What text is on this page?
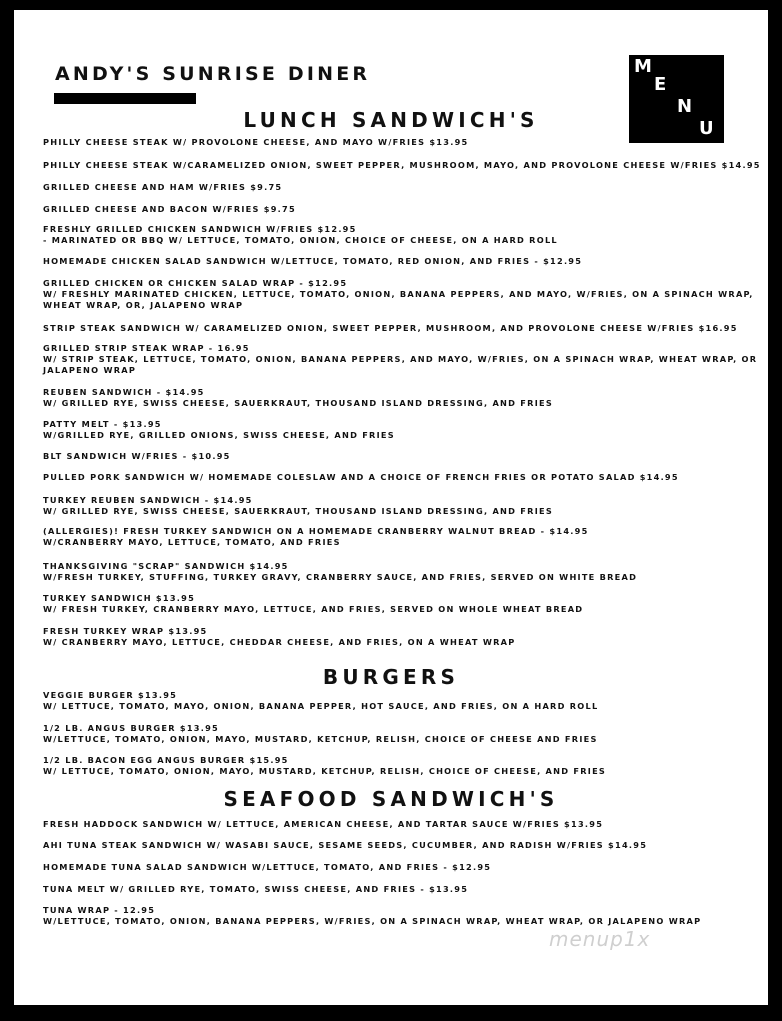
ANDY'S SUNRISE DINER	M
E
N
U
LUNCH SANDWICH'S
BURGERS
SEAFOOD SANDWICH'S
PHILLY CHEESE STEAK W/ PROVOLONE CHEESE, AND MAYO W/FRIES $13.95
PHILLY CHEESE STEAK W/CARAMELIZED ONION, SWEET PEPPER, MUSHROOM, MAYO, AND PROVOLONE CHEESE W/FRIES $14.95
GRILLED CHEESE AND HAM W/FRIES $9.75
GRILLED CHEESE AND BACON W/FRIES $9.75
FRESHLY GRILLED CHICKEN SANDWICH W/FRIES $12.95
- MARINATED OR BBQ W/ LETTUCE, TOMATO, ONION, CHOICE OF CHEESE, ON A HARD ROLL
HOMEMADE CHICKEN SALAD SANDWICH W/LETTUCE, TOMATO, RED ONION, AND FRIES - $12.95
GRILLED CHICKEN OR CHICKEN SALAD WRAP - $12.95
W/ FRESHLY MARINATED CHICKEN, LETTUCE, TOMATO, ONION, BANANA PEPPERS, AND MAYO, W/FRIES, ON A SPINACH WRAP,
WHEAT WRAP, OR, JALAPENO WRAP
STRIP STEAK SANDWICH W/ CARAMELIZED ONION, SWEET PEPPER, MUSHROOM, AND PROVOLONE CHEESE W/FRIES $16.95
GRILLED STRIP STEAK WRAP - 16.95
W/ STRIP STEAK, LETTUCE, TOMATO, ONION, BANANA PEPPERS, AND MAYO, W/FRIES, ON A SPINACH WRAP, WHEAT WRAP, OR
JALAPENO WRAP
REUBEN SANDWICH - $14.95
W/ GRILLED RYE, SWISS CHEESE, SAUERKRAUT, THOUSAND ISLAND DRESSING, AND FRIES
PATTY MELT - $13.95
W/GRILLED RYE, GRILLED ONIONS, SWISS CHEESE, AND FRIES
BLT SANDWICH W/FRIES - $10.95
PULLED PORK SANDWICH W/ HOMEMADE COLESLAW AND A CHOICE OF FRENCH FRIES OR POTATO SALAD $14.95
TURKEY REUBEN SANDWICH - $14.95
W/ GRILLED RYE, SWISS CHEESE, SAUERKRAUT, THOUSAND ISLAND DRESSING, AND FRIES
(ALLERGIES)! FRESH TURKEY SANDWICH ON A HOMEMADE CRANBERRY WALNUT BREAD - $14.95
W/CRANBERRY MAYO, LETTUCE, TOMATO, AND FRIES
THANKSGIVING "SCRAP" SANDWICH $14.95
W/FRESH TURKEY, STUFFING, TURKEY GRAVY, CRANBERRY SAUCE, AND FRIES, SERVED ON WHITE BREAD
TURKEY SANDWICH $13.95
W/ FRESH TURKEY, CRANBERRY MAYO, LETTUCE, AND FRIES, SERVED ON WHOLE WHEAT BREAD
FRESH TURKEY WRAP $13.95
W/ CRANBERRY MAYO, LETTUCE, CHEDDAR CHEESE, AND FRIES, ON A WHEAT WRAP
VEGGIE BURGER $13.95
W/ LETTUCE, TOMATO, MAYO, ONION, BANANA PEPPER, HOT SAUCE, AND FRIES, ON A HARD ROLL
1/2 LB. ANGUS BURGER $13.95
W/LETTUCE, TOMATO, ONION, MAYO, MUSTARD, KETCHUP, RELISH, CHOICE OF CHEESE AND FRIES
1/2 LB. BACON EGG ANGUS BURGER $15.95
W/ LETTUCE, TOMATO, ONION, MAYO, MUSTARD, KETCHUP, RELISH, CHOICE OF CHEESE, AND FRIES
FRESH HADDOCK SANDWICH W/ LETTUCE, AMERICAN CHEESE, AND TARTAR SAUCE W/FRIES $13.95
AHI TUNA STEAK SANDWICH W/ WASABI SAUCE, SESAME SEEDS, CUCUMBER, AND RADISH W/FRIES $14.95
HOMEMADE TUNA SALAD SANDWICH W/LETTUCE, TOMATO, AND FRIES - $12.95
TUNA MELT W/ GRILLED RYE, TOMATO, SWISS CHEESE, AND FRIES - $13.95
TUNA WRAP - 12.95
W/LETTUCE, TOMATO, ONION, BANANA PEPPERS, W/FRIES, ON A SPINACH WRAP, WHEAT WRAP, OR JALAPENO WRAP
menup1x
